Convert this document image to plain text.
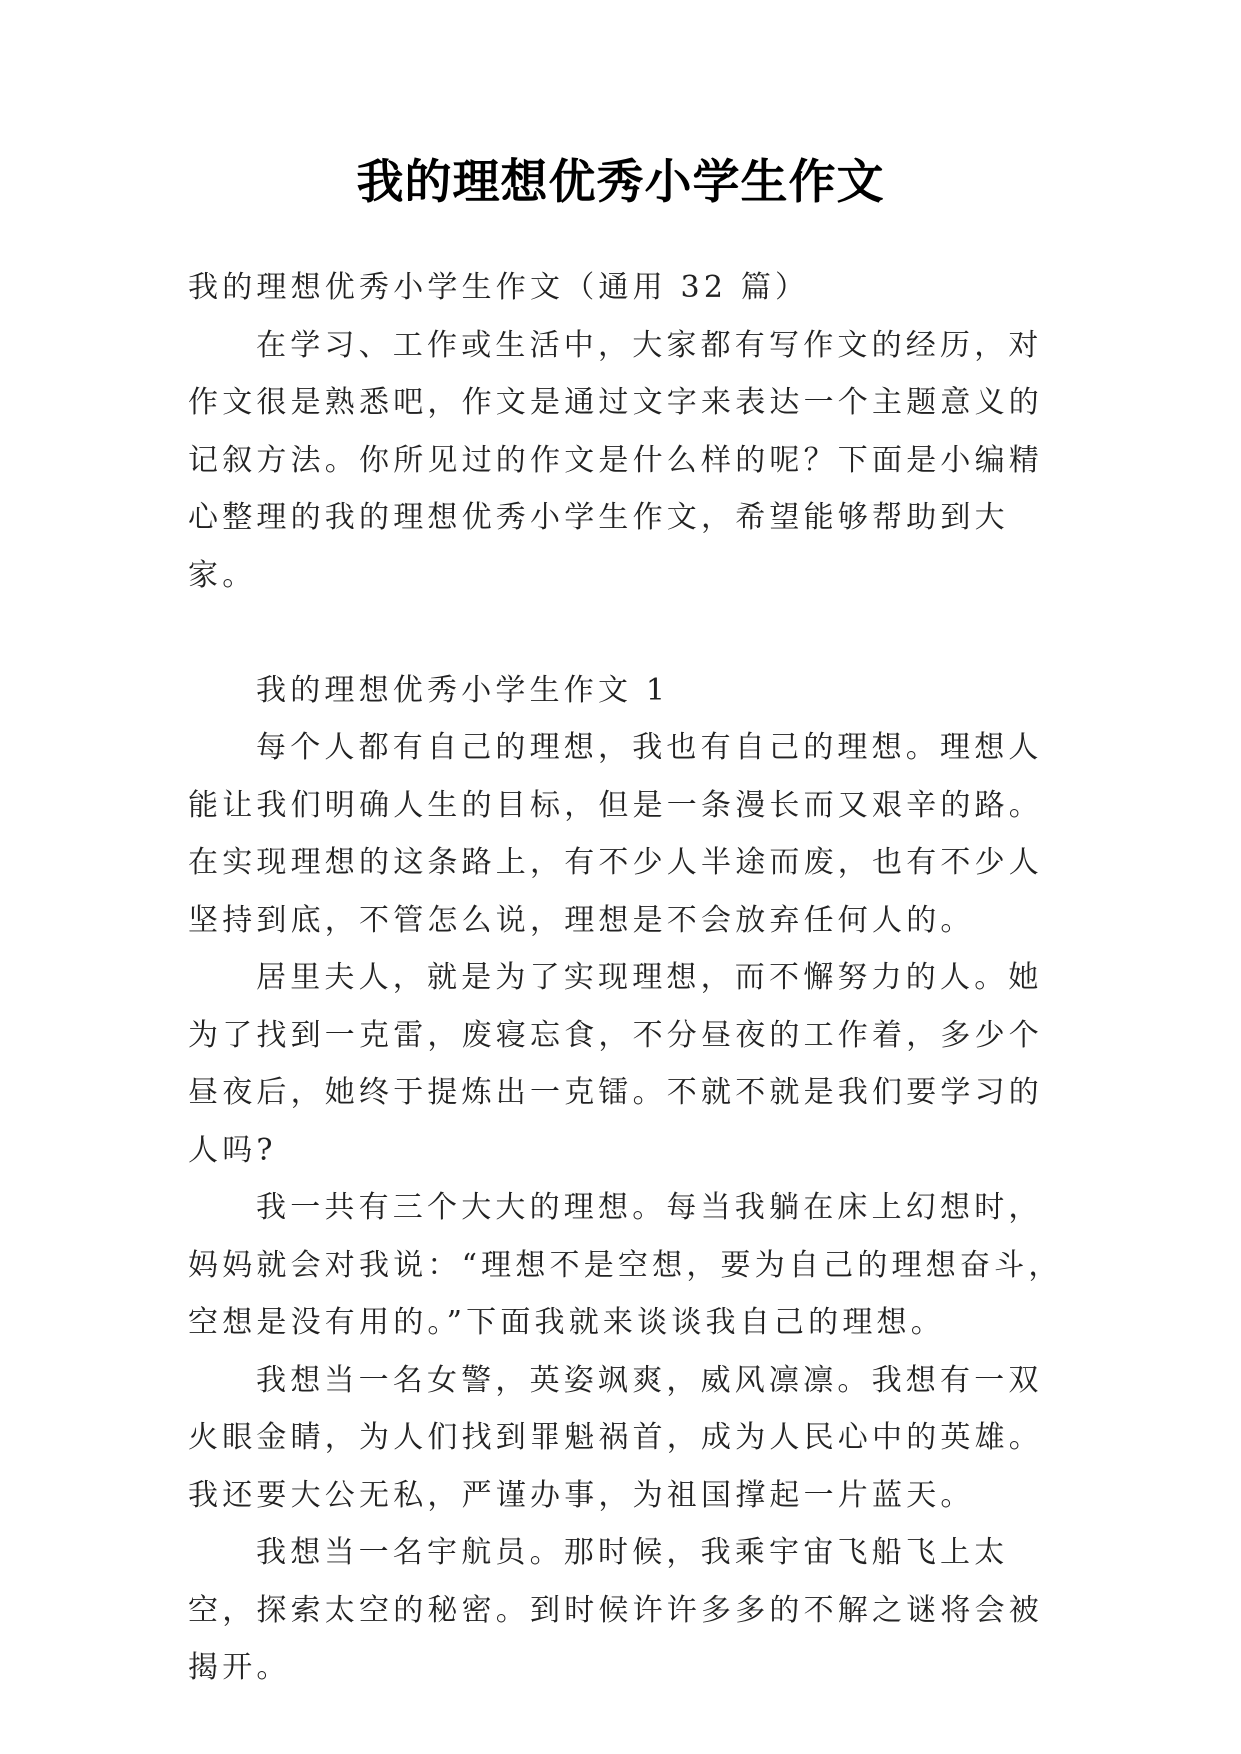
我的理想优秀小学生作文

我的理想优秀小学生作文（通用 32 篇）

在学习、工作或生活中，大家都有写作文的经历，对作文很是熟悉吧，作文是通过文字来表达一个主题意义的记叙方法。你所见过的作文是什么样的呢？下面是小编精心整理的我的理想优秀小学生作文，希望能够帮助到大家。

我的理想优秀小学生作文 1

每个人都有自己的理想，我也有自己的理想。理想人能让我们明确人生的目标，但是一条漫长而又艰辛的路。在实现理想的这条路上，有不少人半途而废，也有不少人坚持到底，不管怎么说，理想是不会放弃任何人的。

居里夫人，就是为了实现理想，而不懈努力的人。她为了找到一克雷，废寝忘食，不分昼夜的工作着，多少个昼夜后，她终于提炼出一克镭。不就不就是我们要学习的人吗?

我一共有三个大大的理想。每当我躺在床上幻想时，妈妈就会对我说：“理想不是空想，要为自己的理想奋斗，空想是没有用的。”下面我就来谈谈我自己的理想。

我想当一名女警，英姿飒爽，威风凛凛。我想有一双火眼金睛，为人们找到罪魁祸首，成为人民心中的英雄。我还要大公无私，严谨办事，为祖国撑起一片蓝天。

我想当一名宇航员。那时候，我乘宇宙飞船飞上太空，探索太空的秘密。到时候许许多多的不解之谜将会被揭开。
